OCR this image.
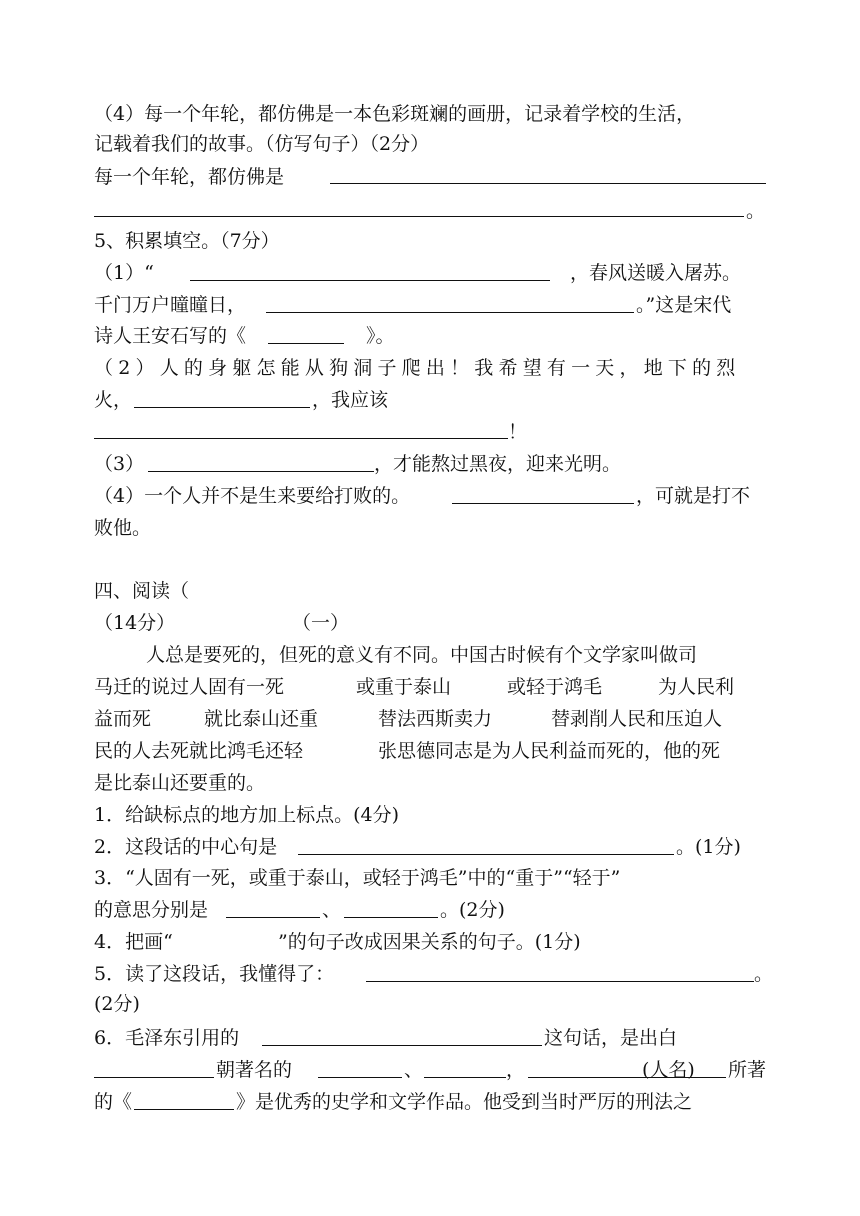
（4）每一个年轮，都仿佛是一本色彩斑斓的画册，记录着学校的生活，
记载着我们的故事。（仿写句子）（2分）
每一个年轮，都仿佛是
。
5、积累填空。（7分）
（1）“	，春风送暖入屠苏。
千门万户曈曈日，	。”这是宋代
诗人王安石写的《	》。
（2）人的身躯怎能从狗洞子爬出！我希望有一天，地下的烈
火，	，我应该
！
（3）	，才能熬过黑夜，迎来光明。
（4）一个人并不是生来要给打败的。	，可就是打不
败他。
四、阅读（
（14分）	（一）
人总是要死的，但死的意义有不同。中国古时候有个文学家叫做司
马迁的说过人固有一死	或重于泰山	或轻于鸿毛	为人民利
益而死	就比泰山还重	替法西斯卖力	替剥削人民和压迫人
民的人去死就比鸿毛还轻	张思德同志是为人民利益而死的，他的死
是比泰山还要重的。
1．给缺标点的地方加上标点。(4分)
2．这段话的中心句是	。(1分)
3．“人固有一死，或重于泰山，或轻于鸿毛”中的“重于”“轻于”
的意思分别是	、	。(2分)
4．把画“	”的句子改成因果关系的句子。(1分)
5．读了这段话，我懂得了：	。
(2分)
6．毛泽东引用的	这句话，是出白
朝著名的	、	，	(人名)	所著
的《	》是优秀的史学和文学作品。他受到当时严厉的刑法之
